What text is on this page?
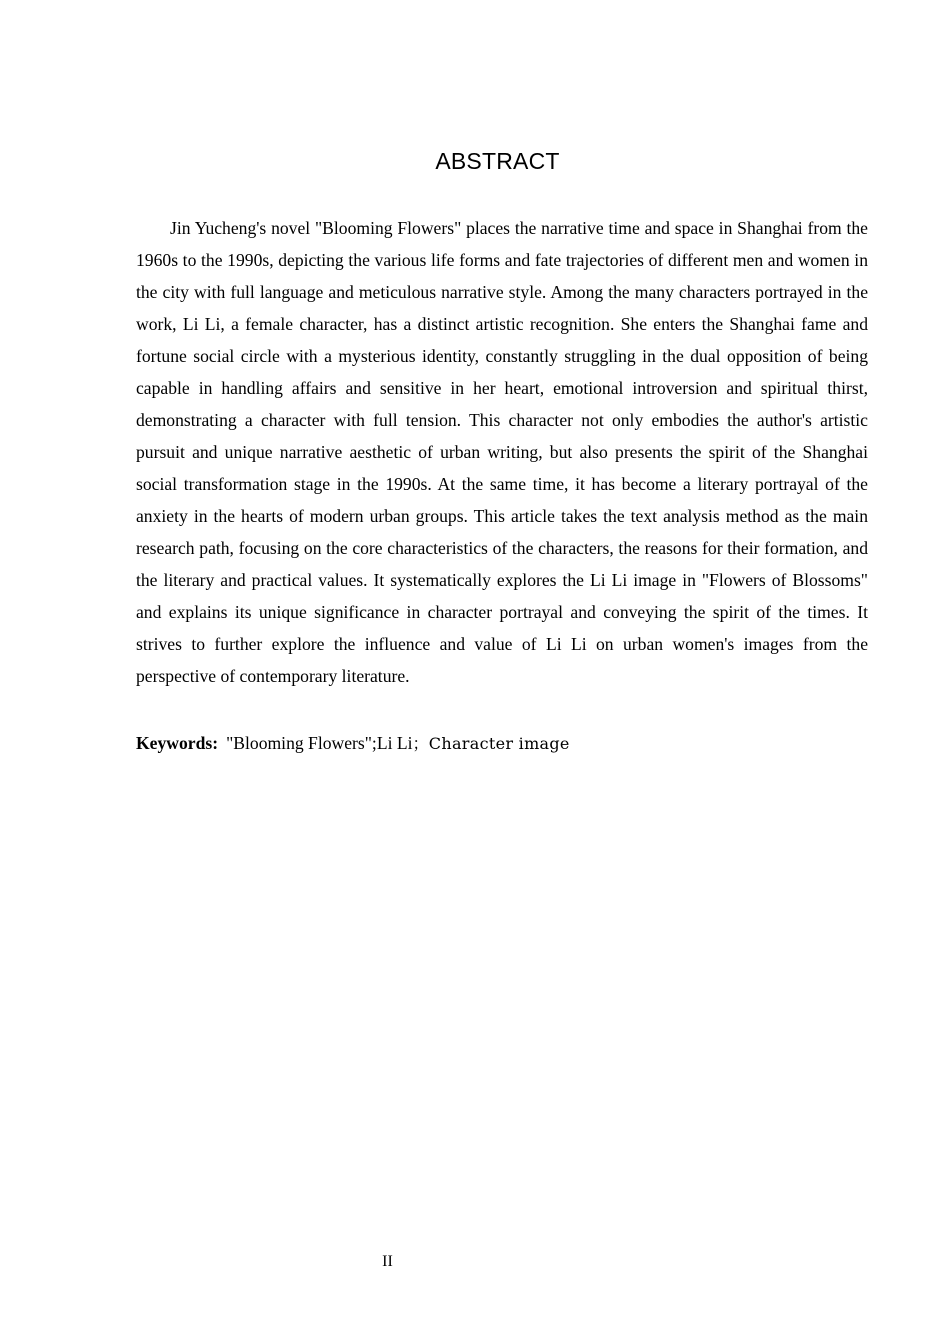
ABSTRACT

Jin Yucheng's novel "Blooming Flowers" places the narrative time and space in Shanghai from the 1960s to the 1990s, depicting the various life forms and fate trajectories of different men and women in the city with full language and meticulous narrative style. Among the many characters portrayed in the work, Li Li, a female character, has a distinct artistic recognition. She enters the Shanghai fame and fortune social circle with a mysterious identity, constantly struggling in the dual opposition of being capable in handling affairs and sensitive in her heart, emotional introversion and spiritual thirst, demonstrating a character with full tension. This character not only embodies the author's artistic pursuit and unique narrative aesthetic of urban writing, but also presents the spirit of the Shanghai social transformation stage in the 1990s. At the same time, it has become a literary portrayal of the anxiety in the hearts of modern urban groups. This article takes the text analysis method as the main research path, focusing on the core characteristics of the characters, the reasons for their formation, and the literary and practical values. It systematically explores the Li Li image in "Flowers of Blossoms" and explains its unique significance in character portrayal and conveying the spirit of the times. It strives to further explore the influence and value of Li Li on urban women's images from the perspective of contemporary literature.

Keywords: "Blooming Flowers";Li Li；Character image
II
